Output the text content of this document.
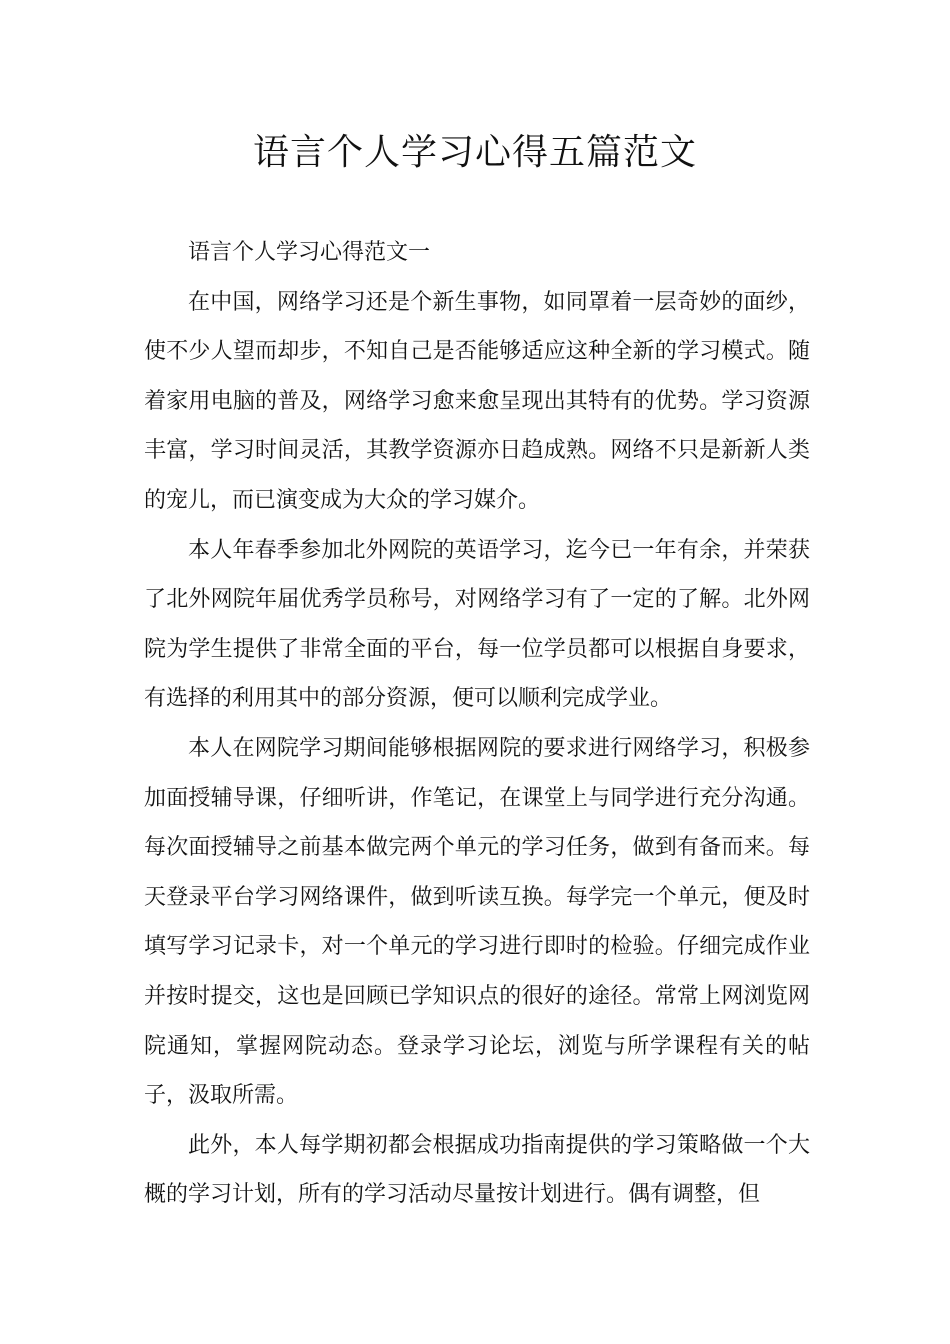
语言个人学习心得五篇范文

语言个人学习心得范文一

在中国，网络学习还是个新生事物，如同罩着一层奇妙的面纱，使不少人望而却步，不知自己是否能够适应这种全新的学习模式。随着家用电脑的普及，网络学习愈来愈呈现出其特有的优势。学习资源丰富，学习时间灵活，其教学资源亦日趋成熟。网络不只是新新人类的宠儿，而已演变成为大众的学习媒介。

本人年春季参加北外网院的英语学习，迄今已一年有余，并荣获了北外网院年届优秀学员称号，对网络学习有了一定的了解。北外网院为学生提供了非常全面的平台，每一位学员都可以根据自身要求，有选择的利用其中的部分资源，便可以顺利完成学业。

本人在网院学习期间能够根据网院的要求进行网络学习，积极参加面授辅导课，仔细听讲，作笔记，在课堂上与同学进行充分沟通。每次面授辅导之前基本做完两个单元的学习任务，做到有备而来。每天登录平台学习网络课件，做到听读互换。每学完一个单元，便及时填写学习记录卡，对一个单元的学习进行即时的检验。仔细完成作业并按时提交，这也是回顾已学知识点的很好的途径。常常上网浏览网院通知，掌握网院动态。登录学习论坛，浏览与所学课程有关的帖子，汲取所需。

此外，本人每学期初都会根据成功指南提供的学习策略做一个大概的学习计划，所有的学习活动尽量按计划进行。偶有调整，但
